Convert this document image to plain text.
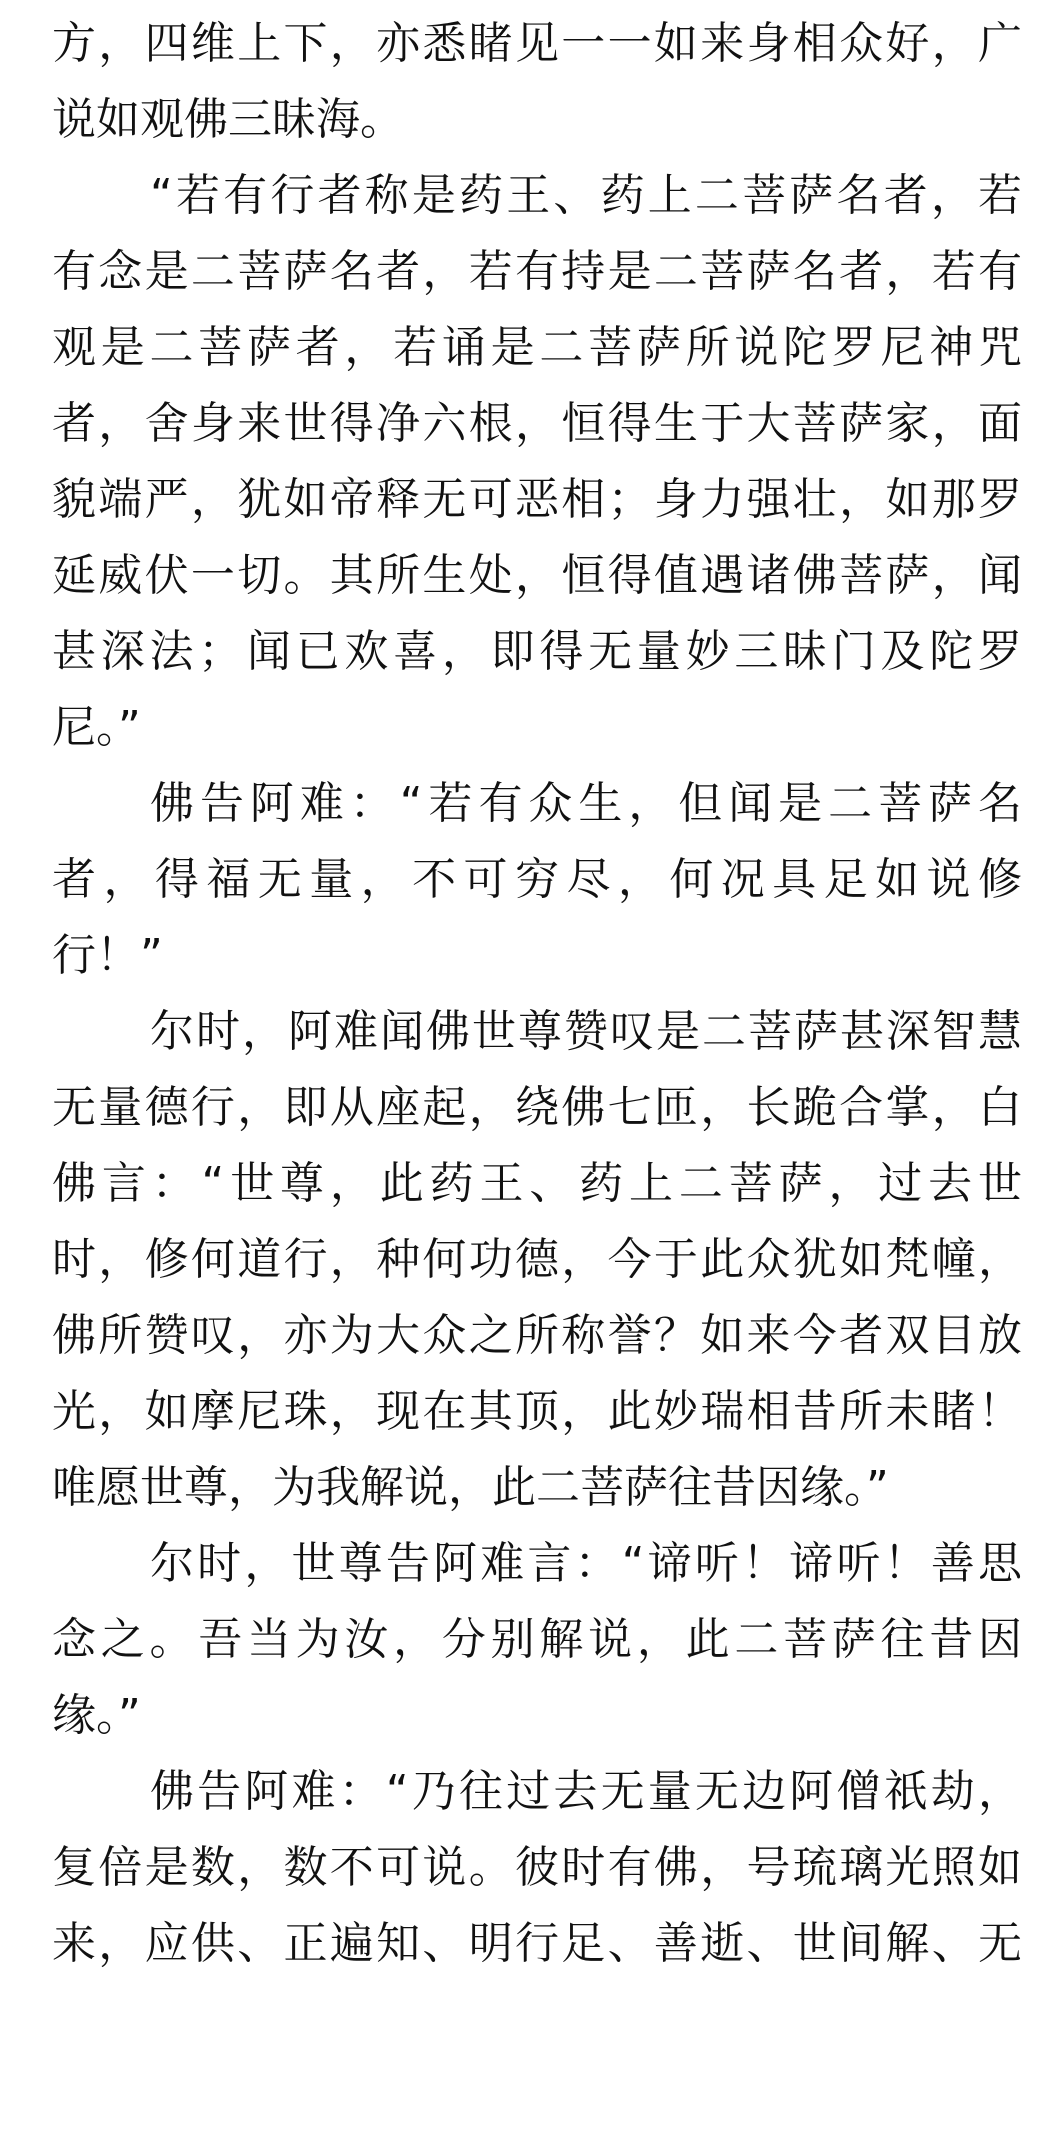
方，四维上下，亦悉睹见一一如来身相众好，广
说如观佛三昧海。
“若有行者称是药王、药上二菩萨名者，若
有念是二菩萨名者，若有持是二菩萨名者，若有
观是二菩萨者，若诵是二菩萨所说陀罗尼神咒
者，舍身来世得净六根，恒得生于大菩萨家，面
貌端严，犹如帝释无可恶相；身力强壮，如那罗
延威伏一切。其所生处，恒得值遇诸佛菩萨，闻
甚深法；闻已欢喜，即得无量妙三昧门及陀罗
尼。”
佛告阿难：“若有众生，但闻是二菩萨名
者，得福无量，不可穷尽，何况具足如说修
行！”
尔时，阿难闻佛世尊赞叹是二菩萨甚深智慧
无量德行，即从座起，绕佛七匝，长跪合掌，白
佛言：“世尊，此药王、药上二菩萨，过去世
时，修何道行，种何功德，今于此众犹如梵幢，
佛所赞叹，亦为大众之所称誉？如来今者双目放
光，如摩尼珠，现在其顶，此妙瑞相昔所未睹！
唯愿世尊，为我解说，此二菩萨往昔因缘。”
尔时，世尊告阿难言：“谛听！谛听！善思
念之。吾当为汝，分别解说，此二菩萨往昔因
缘。”
佛告阿难：“乃往过去无量无边阿僧祇劫，
复倍是数，数不可说。彼时有佛，号琉璃光照如
来，应供、正遍知、明行足、善逝、世间解、无
